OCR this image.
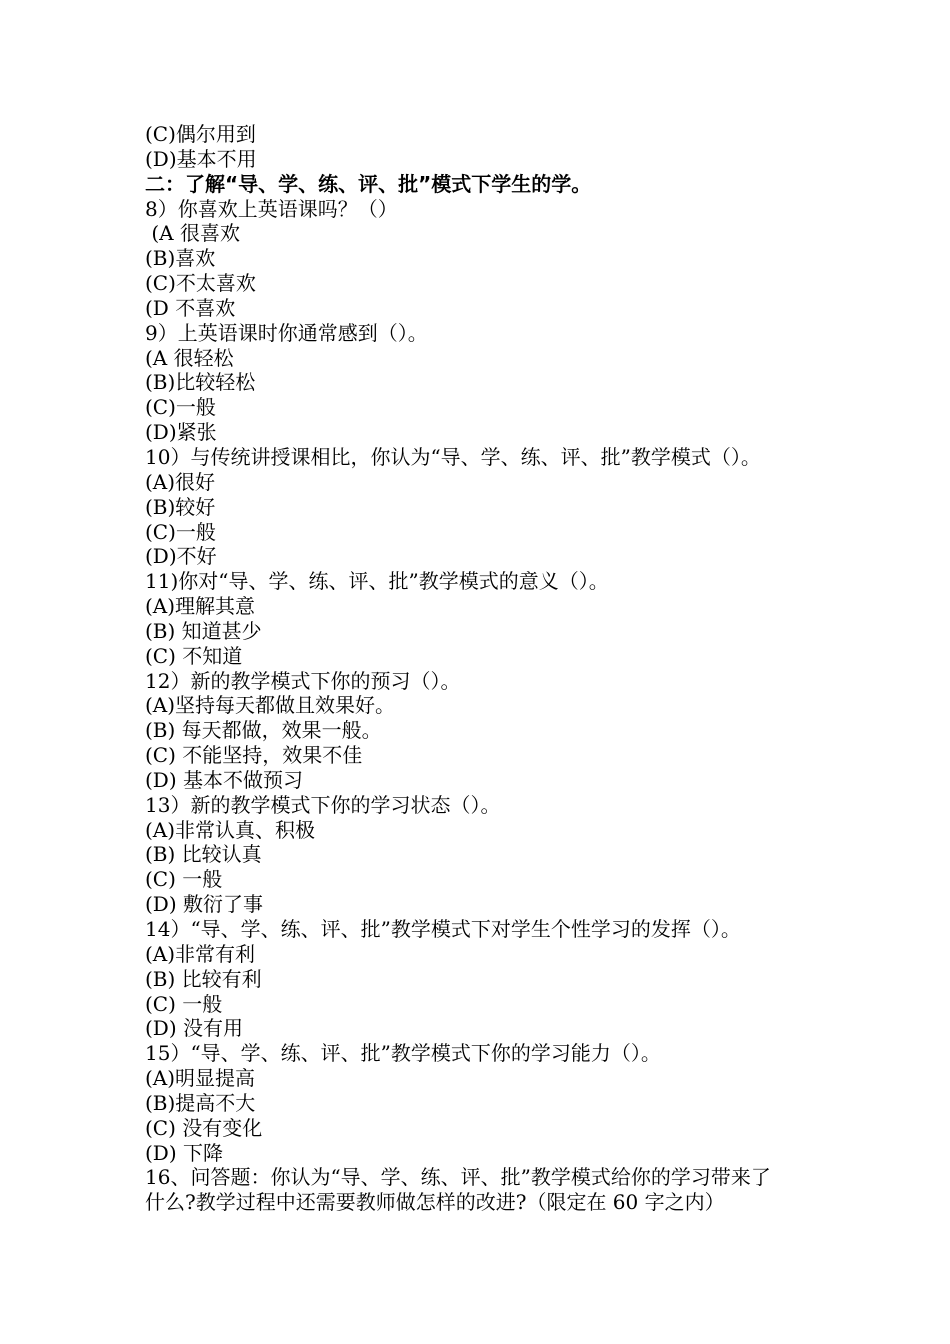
(C)偶尔用到
(D)基本不用
二：了解“导、学、练、评、批”模式下学生的学。
8）你喜欢上英语课吗？（）
(A 很喜欢
(B)喜欢
(C)不太喜欢
(D 不喜欢
9）上英语课时你通常感到（）。
(A 很轻松
(B)比较轻松
(C)一般
(D)紧张
10）与传统讲授课相比，你认为“导、学、练、评、批”教学模式（）。
(A)很好
(B)较好
(C)一般
(D)不好
11)你对“导、学、练、评、批”教学模式的意义（）。
(A)理解其意
(B) 知道甚少
(C) 不知道
12）新的教学模式下你的预习（）。
(A)坚持每天都做且效果好。
(B) 每天都做，效果一般。
(C) 不能坚持，效果不佳
(D) 基本不做预习
13）新的教学模式下你的学习状态（）。
(A)非常认真、积极
(B) 比较认真
(C) 一般
(D) 敷衍了事
14）“导、学、练、评、批”教学模式下对学生个性学习的发挥（）。
(A)非常有利
(B) 比较有利
(C) 一般
(D) 没有用
15）“导、学、练、评、批”教学模式下你的学习能力（）。
(A)明显提高
(B)提高不大
(C) 没有变化
(D) 下降
16、问答题：你认为“导、学、练、评、批”教学模式给你的学习带来了
什么?教学过程中还需要教师做怎样的改进?（限定在 60 字之内）
